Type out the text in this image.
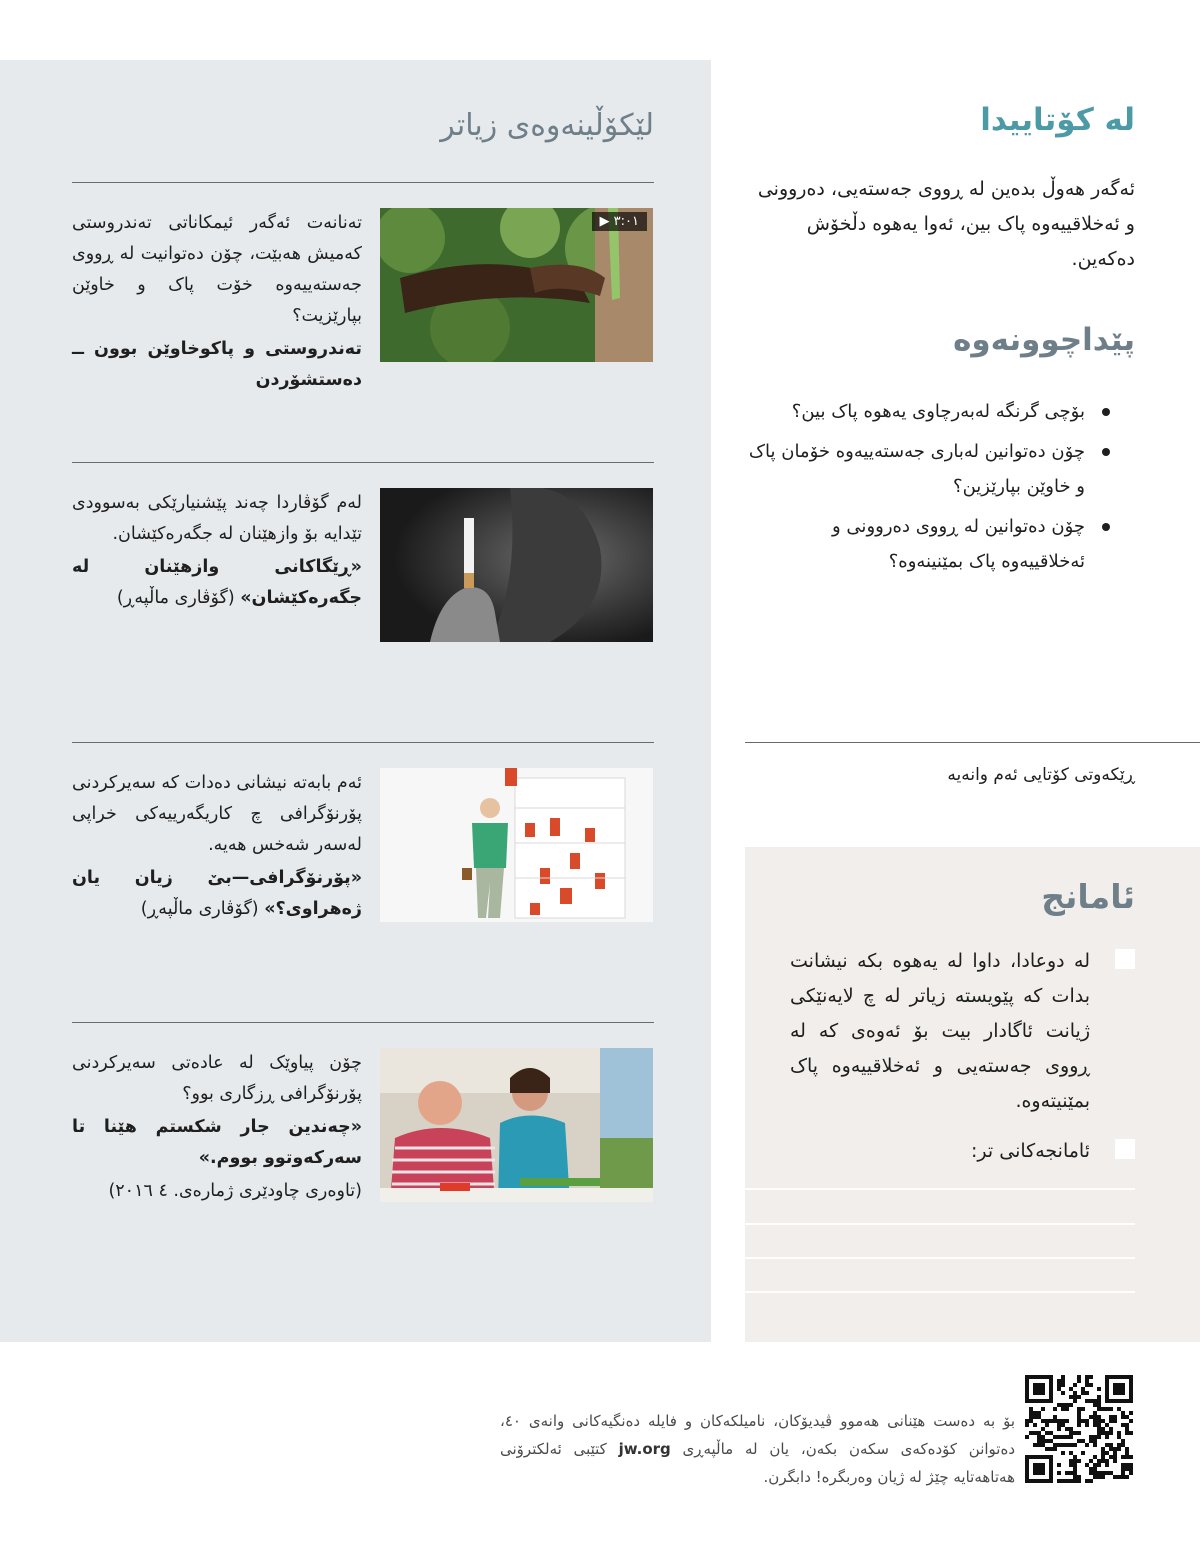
لێکۆڵینەوەی زیاتر
▶ ٣:٠١

تەنانەت ئەگەر ئیمکاناتی تەندروستی کەمیش هەبێت، چۆن دەتوانیت لە ڕووی جەستەییەوە خۆت پاک و خاوێن بپارێزیت؟

تەندروستی و پاکوخاوێن بوون ــ دەستشۆردن

لەم گۆڤاردا چەند پێشنیارێکی بەسوودی تێدایە بۆ وازهێنان لە جگەرەکێشان.

«ڕێگاکانی وازهێنان لە جگەرەکێشان» (گۆڤاری ماڵپەڕ)

ئەم بابەتە نیشانی دەدات کە سەیرکردنی پۆرنۆگرافی چ کاریگەرییەکی خراپی لەسەر شەخس هەیە.

«پۆرنۆگرافی—بێ زیان یان ژەهراوی؟» (گۆڤاری ماڵپەڕ)

چۆن پیاوێک لە عادەتی سەیرکردنی پۆرنۆگرافی ڕزگاری بوو؟

«چەندین جار شکستم هێنا تا سەرکەوتوو بووم.»

(تاوەری چاودێری ژمارەی. ٤ ٢٠١٦)

لە کۆتاییدا

ئەگەر هەوڵ بدەین لە ڕووی جەستەیی، دەروونی و ئەخلاقییەوە پاک بین، ئەوا یەهوە دڵخۆش دەکەین.

پێداچوونەوە
بۆچی گرنگە لەبەرچاوی یەهوە پاک بین؟
چۆن دەتوانین لەباری جەستەییەوە خۆمان پاک و خاوێن بپارێزین؟
چۆن دەتوانین لە ڕووی دەروونی و ئەخلاقییەوە پاک بمێنینەوە؟
ڕێکەوتی کۆتایی ئەم وانەیە
ئامانج
لە دوعادا، داوا لە یەهوە بکە نیشانت بدات کە پێویستە زیاتر لە چ لایەنێکی ژیانت ئاگادار بیت بۆ ئەوەی کە لە ڕووی جەستەیی و ئەخلاقییەوە پاک بمێنیتەوە.
ئامانجەکانی تر:

بۆ بە دەست هێنانی هەموو ڤیدیۆکان، نامیلکەکان و فایلە دەنگیەکانی وانەی ٤٠، دەتوانن کۆدەکەی سکەن بکەن، یان لە ماڵپەڕی jw.org کتێبی ئەلکترۆنی هەتاهەتایە چێژ لە ژیان وەربگرە! دابگرن.
